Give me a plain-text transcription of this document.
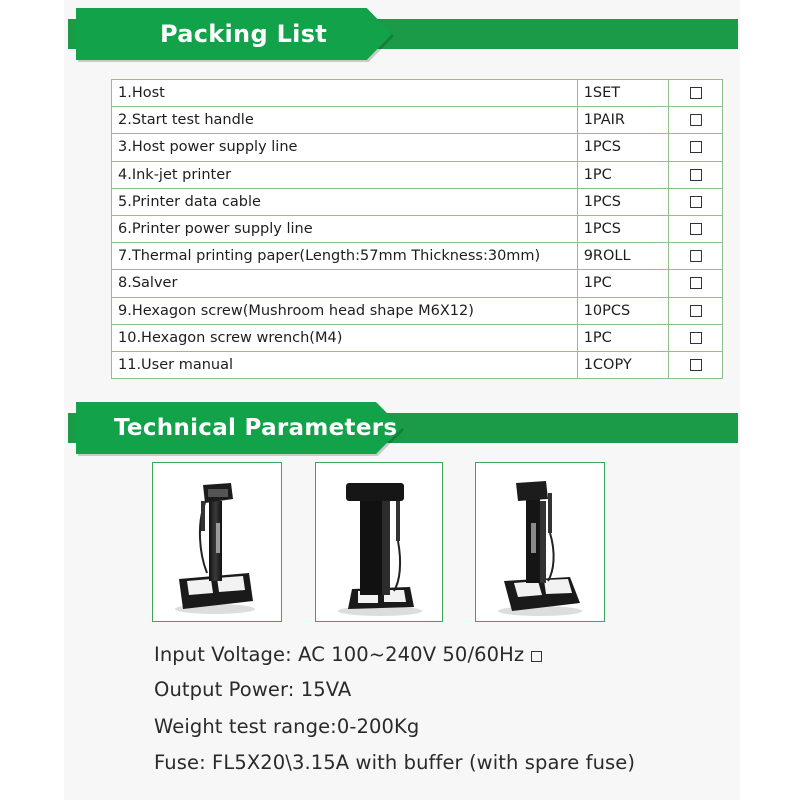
Packing List
1.Host	1SET	
2.Start test handle	1PAIR	
3.Host power supply line	1PCS	
4.Ink-jet printer	1PC	
5.Printer data cable	1PCS	
6.Printer power supply line	1PCS	
7.Thermal printing paper(Length:57mm Thickness:30mm)	9ROLL	
8.Salver	1PC	
9.Hexagon screw(Mushroom head shape M6X12)	10PCS	
10.Hexagon screw wrench(M4)	1PC	
11.User manual	1COPY	
Technical Parameters
Input Voltage: AC 100~240V 50/60Hz
Output Power: 15VA
Weight test range:0-200Kg
Fuse: FL5X20\3.15A with buffer (with spare fuse)
